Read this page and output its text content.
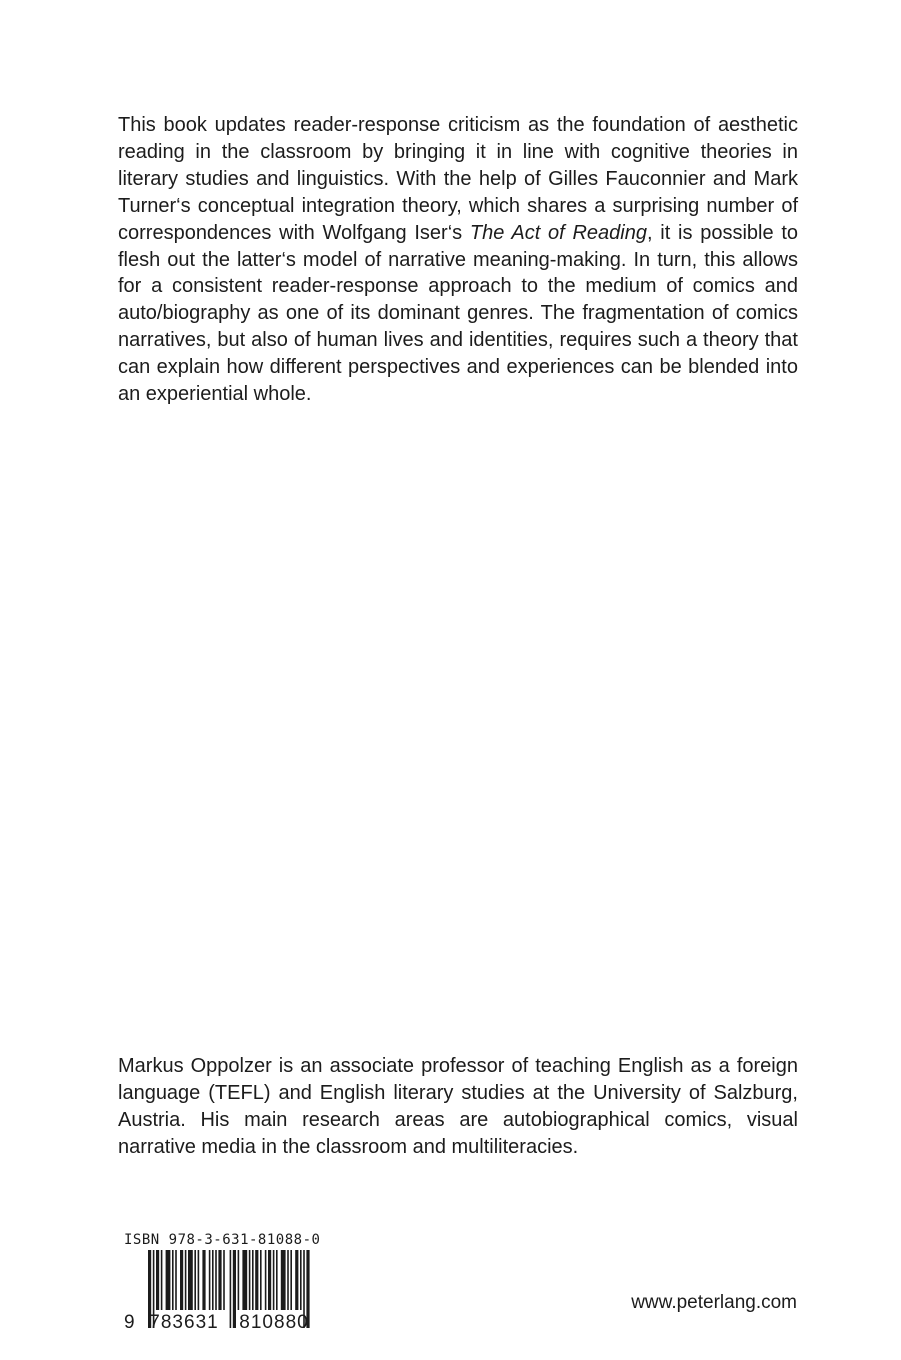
This book updates reader-response criticism as the foundation of aesthetic reading in the classroom by bringing it in line with cognitive theories in literary studies and linguistics. With the help of Gilles Fauconnier and Mark Turner‘s conceptual integration theory, which shares a surprising number of correspondences with Wolfgang Iser‘s The Act of Reading, it is possible to flesh out the latter‘s model of narrative meaning-making. In turn, this allows for a consistent reader-response approach to the medium of comics and auto/biography as one of its dominant genres. The fragmentation of comics narratives, but also of human lives and identities, requires such a theory that can explain how different perspectives and experiences can be blended into an experiential whole.

Markus Oppolzer is an associate professor of teaching English as a foreign language (TEFL) and English literary studies at the University of Salzburg, Austria. His main research areas are autobiographical comics, visual narrative media in the classroom and multiliteracies.

ISBN 978-3-631-81088-0
9 783631 810880
www.peterlang.com
